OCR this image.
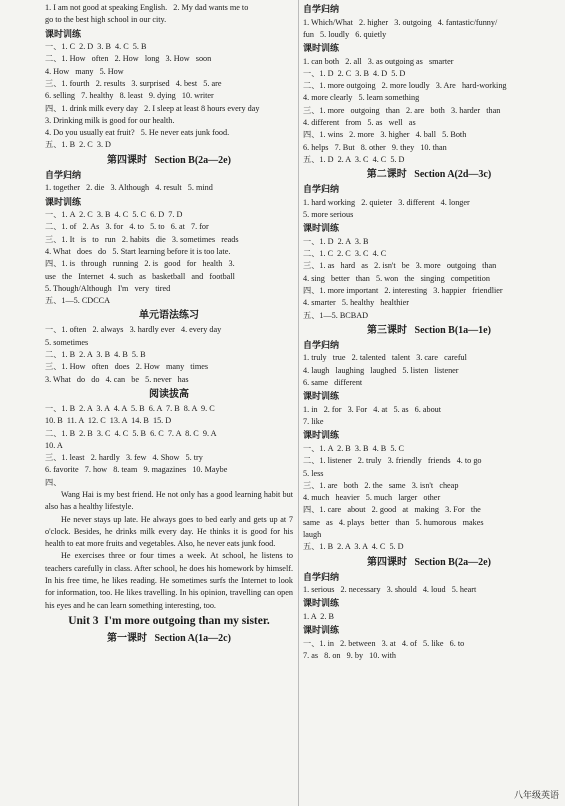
1. I am not good at speaking English.   2. My dad wants me to
go to the best high school in our city.
课时训练
一、1. C  2. D  3. B  4. C  5. B
二、1. How   often   2. How   long   3. How   soon
4. How   many   5. How
三、1. fourth   2. results   3. surprised   4. best   5. are
6. selling   7. healthy   8. least   9. dying   10. writer
四、1. drink milk every day   2. I sleep at least 8 hours every day
3. Drinking milk is good for our health.
4. Do you usually eat fruit?   5. He never eats junk food.
五、1. B  2. C  3. D
第四课时   Section B(2a—2e)
自学归纳
1. together   2. die   3. Although   4. result   5. mind
课时训练
一、1. A  2. C  3. B  4. C  5. C  6. D  7. D
二、1. of   2. As   3. for   4. to   5. to   6. at   7. for
三、1. It   is   to   run   2. habits   die   3. sometimes   reads
4. What   does   do   5. Start learning before it is too late.
四、1. is   through   running   2. is   good   for   health   3.
use   the   Internet   4. such   as   basketball   and   football
5. Though/Although   I'm   very   tired
五、1—5. CDCCA
单元语法练习
一、1. often   2. always   3. hardly ever   4. every day
5. sometimes
二、1. B  2. A  3. B  4. B  5. B
三、1. How   often   does   2. How   many   times
3. What   do   do   4. can   be   5. never   has
阅读拔高
一、1. B  2. A  3. A  4. A  5. B  6. A  7. B  8. A  9. C
10. B  11. A  12. C  13. A  14. B  15. D
二、1. B  2. B  3. C  4. C  5. B  6. C  7. A  8. C  9. A
10. A
三、1. least   2. hardly   3. few   4. Show   5. try
6. favorite   7. how   8. team   9. magazines   10. Maybe
四、
Wang Hai is my best friend. He not only has a good learning habit but also has a healthy lifestyle.
He never stays up late. He always goes to bed early and gets up at 7 o'clock. Besides, he drinks milk every day. He thinks it is good for his health to eat more fruits and vegetables. Also, he never eats junk food.
He exercises three or four times a week. At school, he listens to teachers carefully in class. After school, he does his homework by himself. In his free time, he likes reading. He sometimes surfs the Internet to look for information, too. He likes travelling. In his opinion, travelling can open his eyes and he can learn something interesting, too.
Unit 3  I'm more outgoing than my sister.
第一课时   Section A(1a—2c)
自学归纳
1. Which/What   2. higher   3. outgoing   4. fantastic/funny/
fun   5. loudly   6. quietly
课时训练
1. can both   2. all   3. as outgoing as   smarter
一、1. D  2. C  3. B  4. D  5. D
二、1. more outgoing   2. more loudly   3. Are   hard-working
4. more clearly   5. learn something
三、1. more   outgoing   than   2. are   both   3. harder   than
4. different   from   5. as   well   as
四、1. wins   2. more   3. higher   4. ball   5. Both
6. helps   7. But   8. other   9. they   10. than
五、1. D  2. A  3. C  4. C  5. D
第二课时   Section A(2d—3c)
自学归纳
1. hard working   2. quieter   3. different   4. longer
5. more serious
课时训练
一、1. D  2. A  3. B
二、1. C  2. C  3. C  4. C
三、1. as   hard   as   2. isn't   be   3. more   outgoing   than
4. sing   better   than   5. won   the   singing   competition
四、1. more important   2. interesting   3. happier   friendlier
4. smarter   5. healthy   healthier
五、1—5. BCBAD
第三课时   Section B(1a—1e)
自学归纳
1. truly   true   2. talented   talent   3. care   careful
4. laugh   laughing   laughed   5. listen   listener
6. same   different
课时训练
1. in   2. for   3. For   4. at   5. as   6. about
7. like
课时训练
一、1. A  2. B  3. B  4. B  5. C
二、1. listener   2. truly   3. friendly   friends   4. to go
5. less
三、1. are   both   2. the   same   3. isn't   cheap
4. much   heavier   5. much   larger   other
四、1. care   about   2. good   at   making   3. For   the
same   as   4. plays   better   than   5. humorous   makes
laugh
五、1. B  2. A  3. A  4. C  5. D
第四课时   Section B(2a—2e)
自学归纳
1. serious   2. necessary   3. should   4. loud   5. heart
课时训练
1. A  2. B
课时训练
一、1. in   2. between   3. at   4. of   5. like   6. to
7. as   8. on   9. by   10. with
八年级英语
